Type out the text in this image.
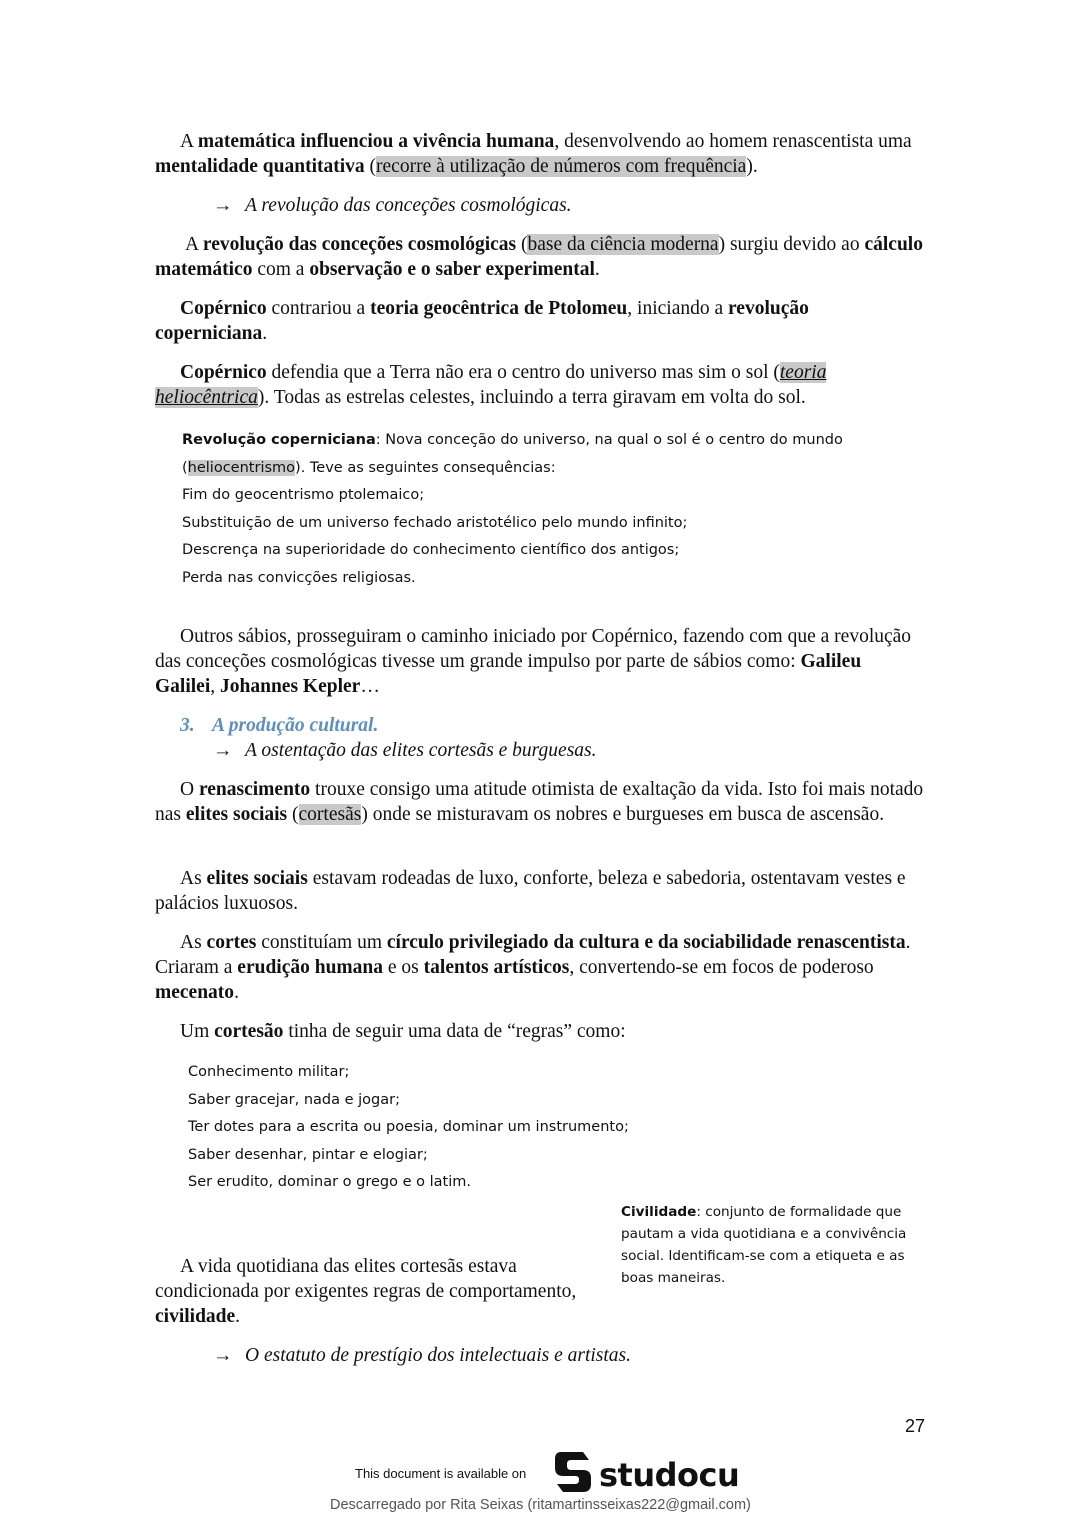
A matemática influenciou a vivência humana, desenvolvendo ao homem renascentista uma mentalidade quantitativa (recorre à utilização de números com frequência).

→ A revolução das conceções cosmológicas.

A revolução das conceções cosmológicas (base da ciência moderna) surgiu devido ao cálculo matemático com a observação e o saber experimental.

Copérnico contrariou a teoria geocêntrica de Ptolomeu, iniciando a revolução coperniciana.

Copérnico defendia que a Terra não era o centro do universo mas sim o sol (teoria heliocêntrica). Todas as estrelas celestes, incluindo a terra giravam em volta do sol.

Revolução coperniciana: Nova conceção do universo, na qual o sol é o centro do mundo (heliocentrismo). Teve as seguintes consequências:
Fim do geocentrismo ptolemaico;
Substituição de um universo fechado aristotélico pelo mundo infinito;
Descrença na superioridade do conhecimento científico dos antigos;
Perda nas convicções religiosas.

Outros sábios, prosseguiram o caminho iniciado por Copérnico, fazendo com que a revolução das conceções cosmológicas tivesse um grande impulso por parte de sábios como: Galileu Galilei, Johannes Kepler…

3. A produção cultural.
→ A ostentação das elites cortesãs e burguesas.

O renascimento trouxe consigo uma atitude otimista de exaltação da vida. Isto foi mais notado nas elites sociais (cortesãs) onde se misturavam os nobres e burgueses em busca de ascensão.

As elites sociais estavam rodeadas de luxo, conforte, beleza e sabedoria, ostentavam vestes e palácios luxuosos.

As cortes constituíam um círculo privilegiado da cultura e da sociabilidade renascentista. Criaram a erudição humana e os talentos artísticos, convertendo-se em focos de poderoso mecenato.

Um cortesão tinha de seguir uma data de “regras” como:

Conhecimento militar;
Saber gracejar, nada e jogar;
Ter dotes para a escrita ou poesia, dominar um instrumento;
Saber desenhar, pintar e elogiar;
Ser erudito, dominar o grego e o latim.
Civilidade: conjunto de formalidade que pautam a vida quotidiana e a convivência social. Identificam-se com a etiqueta e as boas maneiras.

A vida quotidiana das elites cortesãs estava condicionada por exigentes regras de comportamento, civilidade.

→ O estatuto de prestígio dos intelectuais e artistas.
27
This document is available on studocu
Descarregado por Rita Seixas (ritamartinsseixas222@gmail.com)
